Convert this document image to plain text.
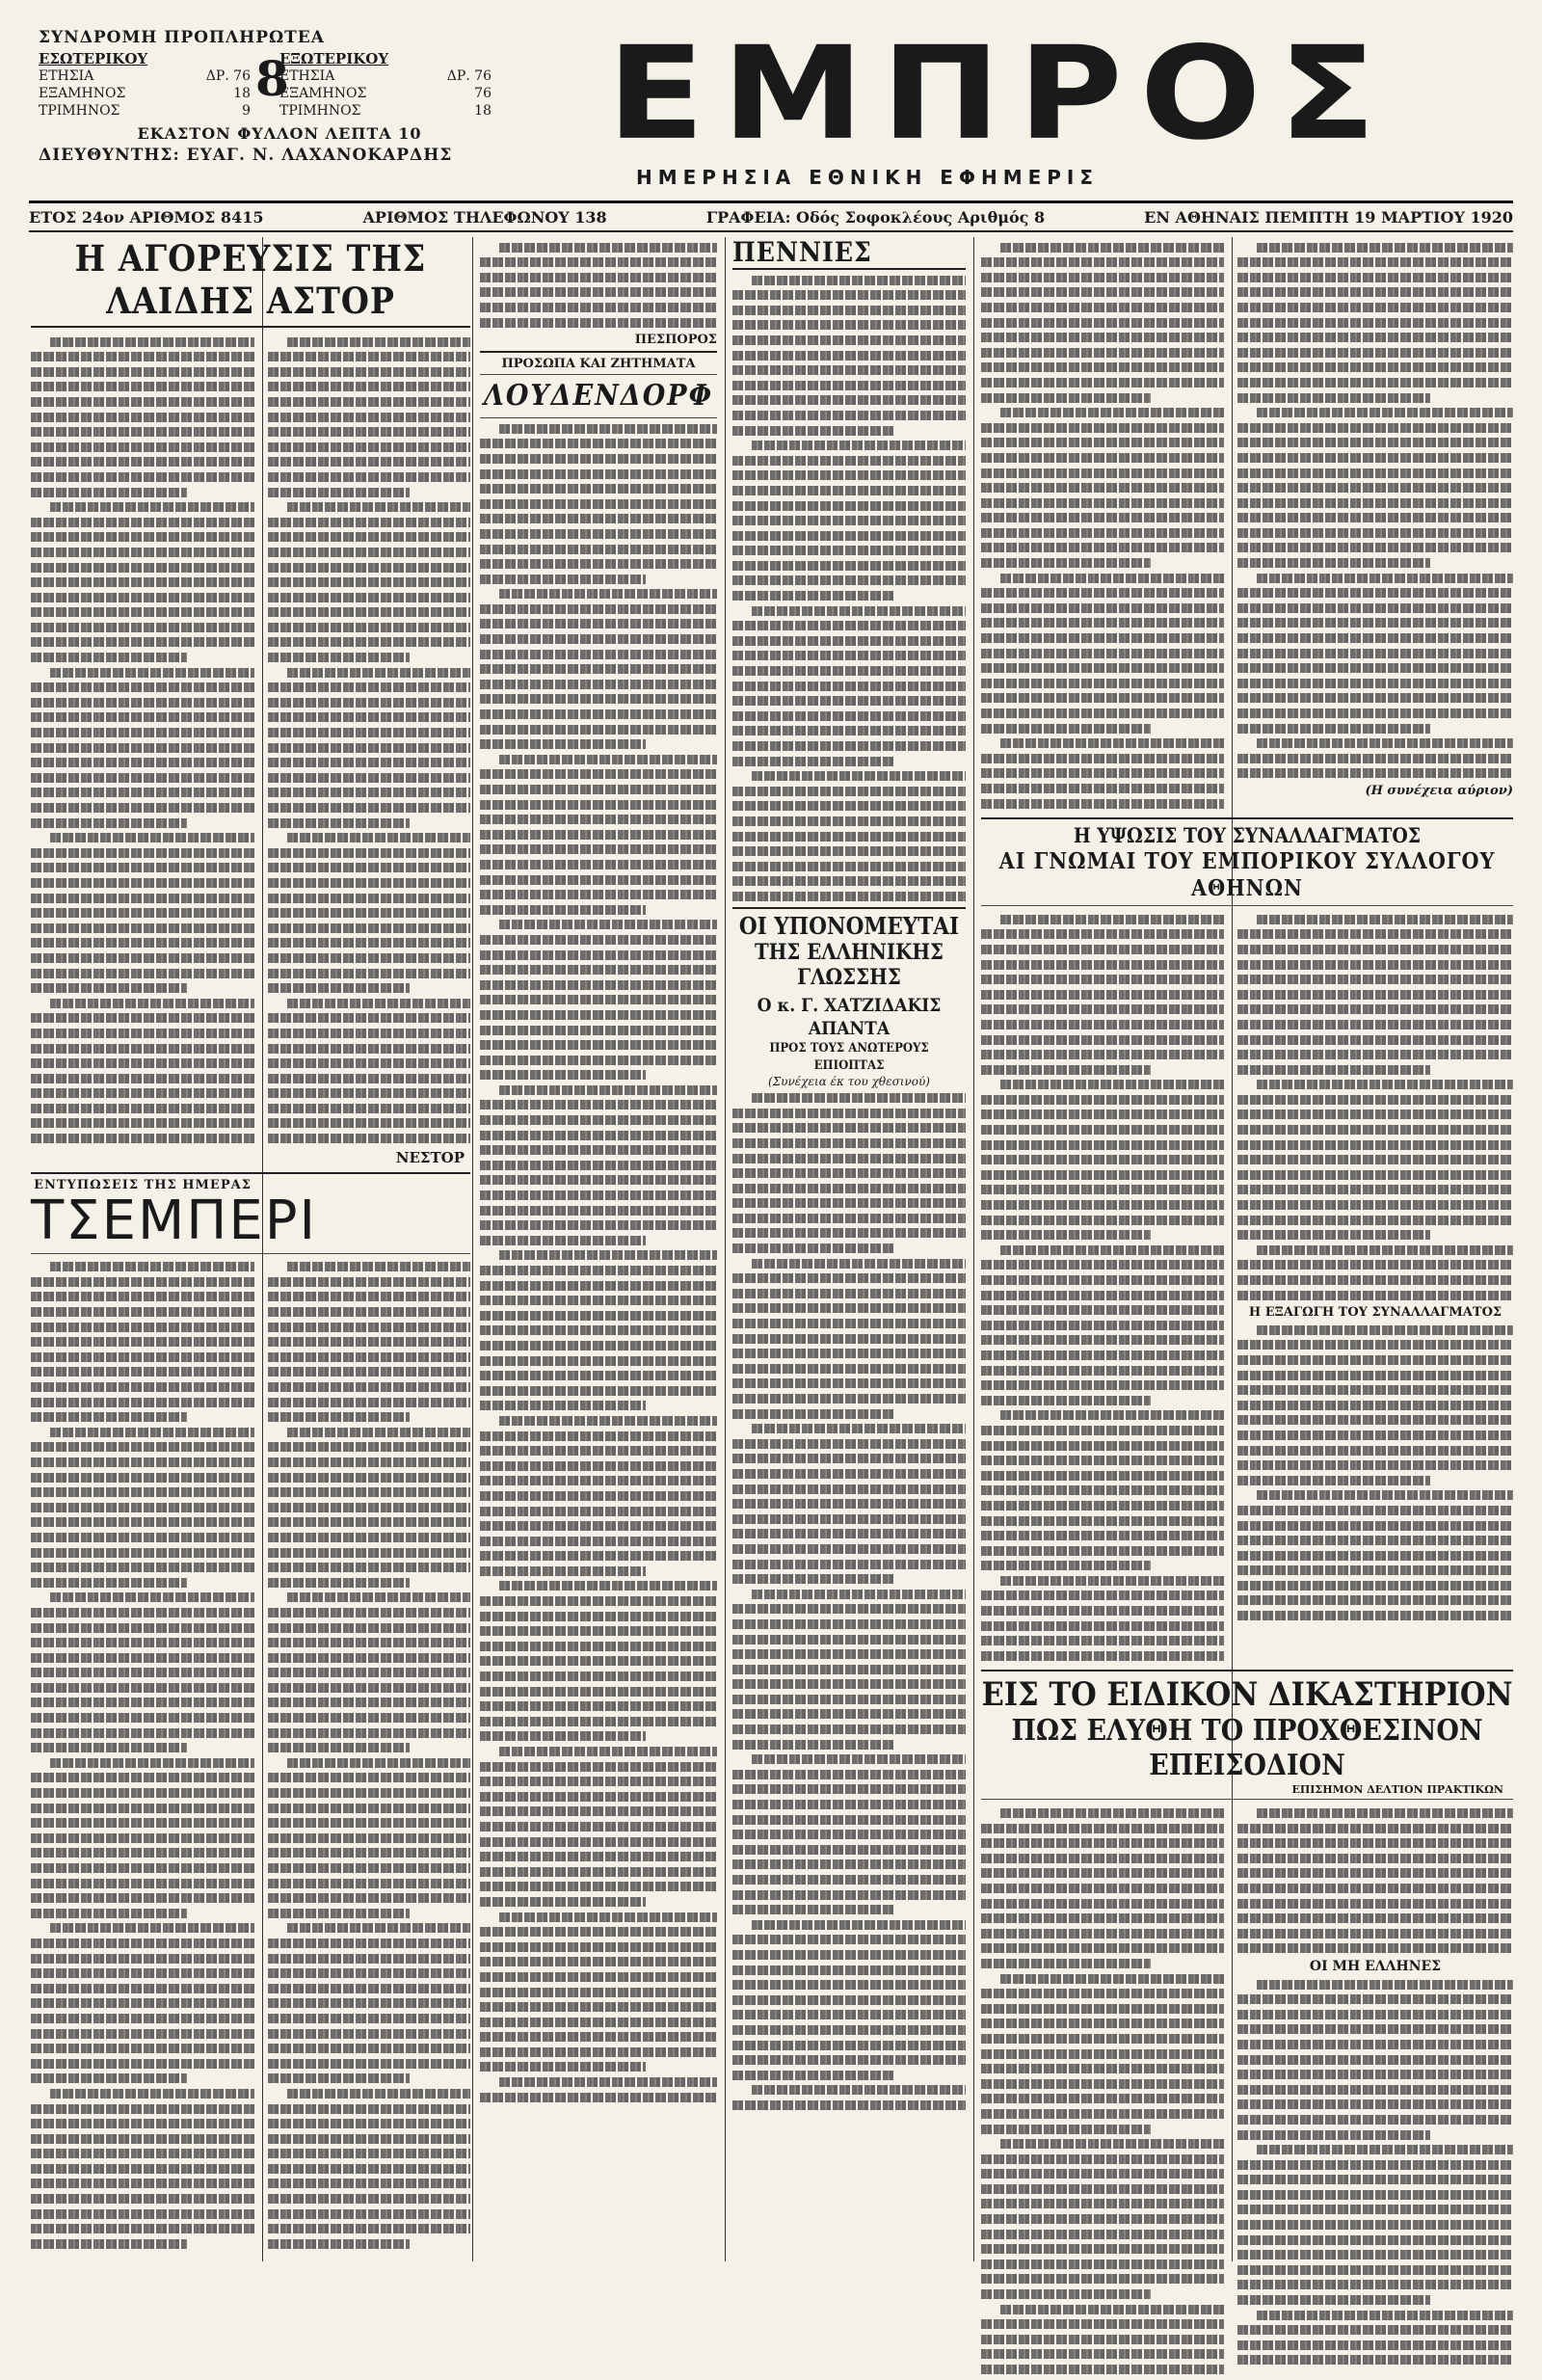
ΣΥΝΔΡΟΜΗ ΠΡΟΠΛΗΡΩΤΕΑ
ΕΣΩΤΕΡΙΚΟΥ
ΕΤΗΣΙΑ	ΔΡ. 76
ΕΞΑΜΗΝΟΣ	18
ΤΡΙΜΗΝΟΣ	9
ΕΞΩΤΕΡΙΚΟΥ
ΕΤΗΣΙΑ	ΔΡ. 76
ΕΞΑΜΗΝΟΣ	76
ΤΡΙΜΗΝΟΣ	18
ΕΚΑΣΤΟΝ ΦΥΛΛΟΝ ΛΕΠΤΑ 10
ΔΙΕΥΘΥΝΤΗΣ: ΕΥΑΓ. Ν. ΛΑΧΑΝΟΚΑΡΔΗΣ
8 ΕΜΠΡΟΣ
ΗΜΕΡΗΣΙΑ ΕΘΝΙΚΗ ΕΦΗΜΕΡΙΣ
ΕΤΟΣ 24ον ΑΡΙΘΜΟΣ 8415	ΑΡΙΘΜΟΣ ΤΗΛΕΦΩΝΟΥ 138	ΓΡΑΦΕΙΑ: Οδός Σοφοκλέους Αριθμός 8	ΕΝ ΑΘΗΝΑΙΣ ΠΕΜΠΤΗ 19 ΜΑΡΤΙΟΥ 1920
Η ΑΓΟΡΕΥΣΙΣ ΤΗΣ ΛΑΙΔΗΣ ΑΣΤΟΡ
ΝΕΣΤΟΡ
ΕΝΤΥΠΩΣΕΙΣ ΤΗΣ ΗΜΕΡΑΣ
ΤΣΕΜΠΕΡΙ
ΠΕΣΠΟΡΟΣ
ΠΡΟΣΩΠΑ ΚΑΙ ΖΗΤΗΜΑΤΑ
ΛΟΥΔΕΝΔΟΡΦ
ΠΕΝΝΙΕΣ
ΟΙ ΥΠΟΝΟΜΕΥΤΑΙ
ΤΗΣ ΕΛΛΗΝΙΚΗΣ ΓΛΩΣΣΗΣ
Ο κ. Γ. ΧΑΤΖΙΔΑΚΙΣ ΑΠΑΝΤΑ
ΠΡΟΣ ΤΟΥΣ ΑΝΩΤΕΡΟΥΣ ΕΠΙΟΠΤΑΣ
(Συνέχεια έκ του χθεσινού)
(Η συνέχεια αύριον)
Η ΥΨΩΣΙΣ ΤΟΥ ΣΥΝΑΛΛΑΓΜΑΤΟΣ
ΑΙ ΓΝΩΜΑΙ ΤΟΥ ΕΜΠΟΡΙΚΟΥ ΣΥΛΛΟΓΟΥ ΑΘΗΝΩΝ
Η ΕΞΑΓΩΓΗ ΤΟΥ ΣΥΝΑΛΛΑΓΜΑΤΟΣ
ΕΙΣ ΤΟ ΕΙΔΙΚΟΝ ΔΙΚΑΣΤΗΡΙΟΝ
ΠΩΣ ΕΛΥΘΗ ΤΟ ΠΡΟΧΘΕΣΙΝΟΝ ΕΠΕΙΣΟΔΙΟΝ
ΕΠΙΣΗΜΟΝ ΔΕΛΤΙΟΝ ΠΡΑΚΤΙΚΩΝ
ΟΙ ΜΗ ΕΛΛΗΝΕΣ
